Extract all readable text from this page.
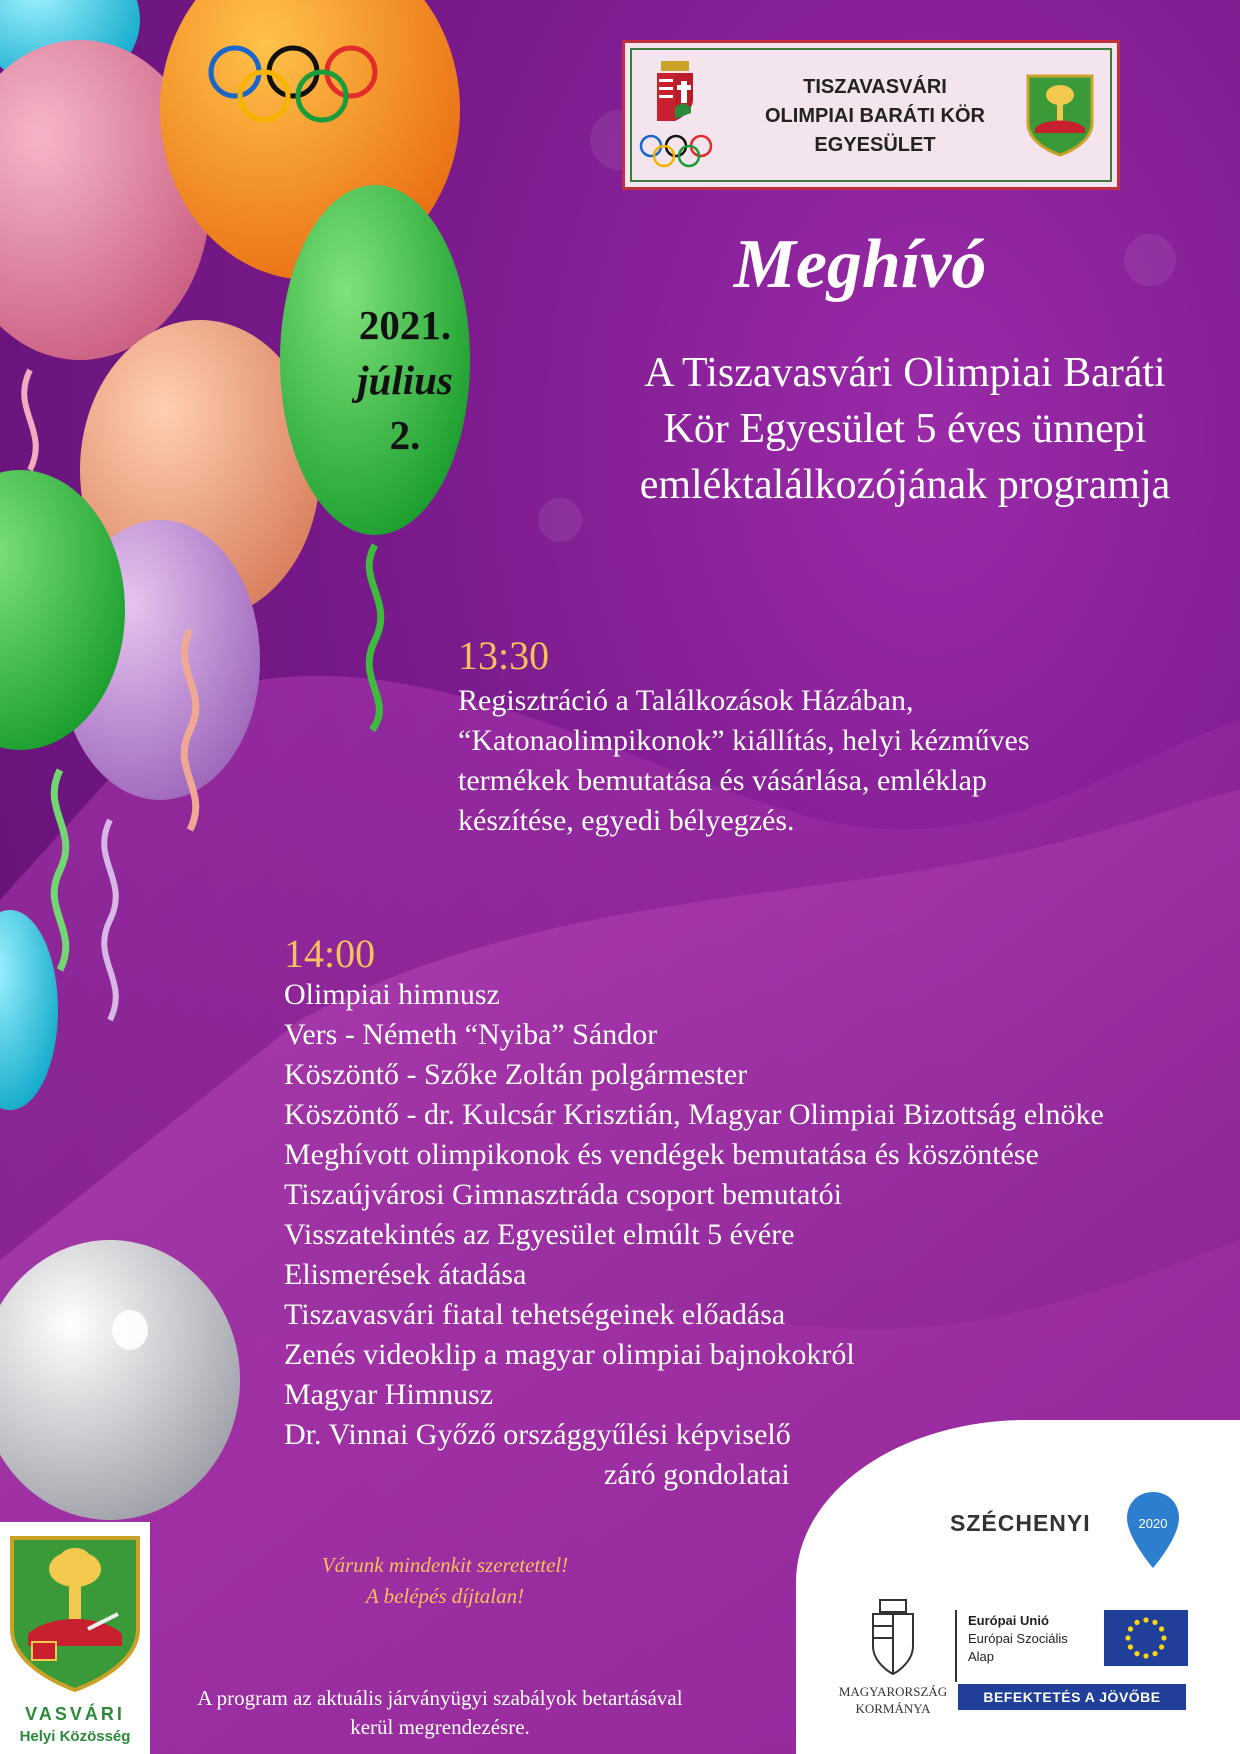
TISZAVASVÁRI
OLIMPIAI BARÁTI KÖR
EGYESÜLET
Meghívó
2021.
július
2.
A Tiszavasvári Olimpiai Baráti
Kör Egyesület 5 éves ünnepi
emléktalálkozójának programja
13:30
Regisztráció a Találkozások Házában,
“Katonaolimpikonok” kiállítás, helyi kézműves
termékek bemutatása és vásárlása, emléklap
készítése, egyedi bélyegzés.
14:00
Olimpiai himnusz
Vers - Németh “Nyiba” Sándor
Köszöntő - Szőke Zoltán polgármester
Köszöntő - dr. Kulcsár Krisztián, Magyar Olimpiai Bizottság elnöke
Meghívott olimpikonok és vendégek bemutatása és köszöntése
Tiszaújvárosi Gimnasztráda csoport bemutatói
Visszatekintés az Egyesület elmúlt 5 évére
Elismerések átadása
Tiszavasvári fiatal tehetségeinek előadása
Zenés videoklip a magyar olimpiai bajnokokról
Magyar Himnusz
Dr. Vinnai Győző országgyűlési képviselő
záró gondolatai
Várunk mindenkit szeretettel!
A belépés díjtalan!
A program az aktuális járványügyi szabályok betartásával
kerül megrendezésre.
VASVÁRI
Helyi Közösség
SZÉCHENYI	2020
MAGYARORSZÁG
KORMÁNYA
Európai Unió
Európai Szociális
Alap
BEFEKTETÉS A JÖVŐBE
